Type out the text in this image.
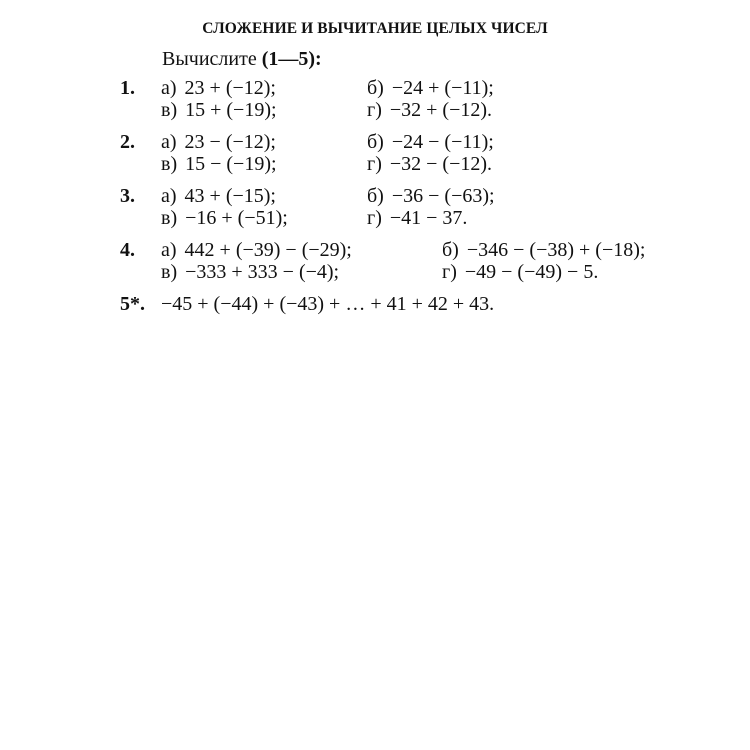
СЛОЖЕНИЕ И ВЫЧИТАНИЕ ЦЕЛЫХ ЧИСЕЛ
Вычислите (1—5):
1. а) 23 + (−12);	б) −24 + (−11);
в) 15 + (−19);	г) −32 + (−12).
2. а) 23 − (−12);	б) −24 − (−11);
в) 15 − (−19);	г) −32 − (−12).
3. а) 43 + (−15);	б) −36 − (−63);
в) −16 + (−51);	г) −41 − 37.
4. а) 442 + (−39) − (−29);	б) −346 − (−38) + (−18);
в) −333 + 333 − (−4);	г) −49 − (−49) − 5.
5*. −45 + (−44) + (−43) + … + 41 + 42 + 43.
